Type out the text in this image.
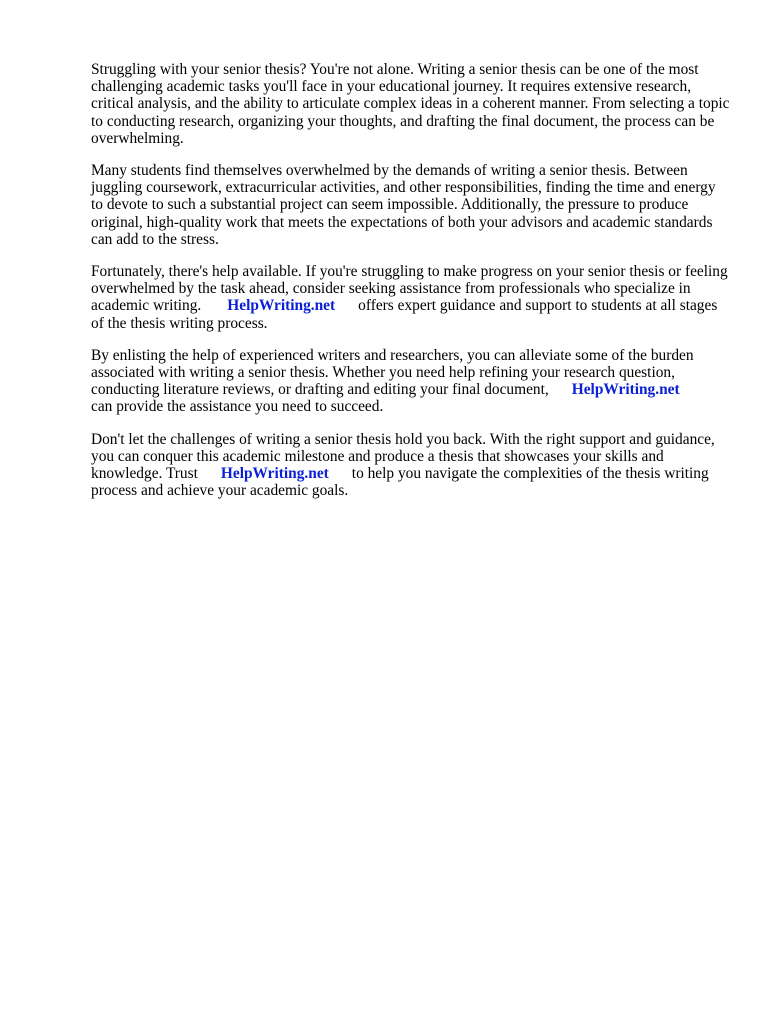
Struggling with your senior thesis? You're not alone. Writing a senior thesis can be one of the most challenging academic tasks you'll face in your educational journey. It requires extensive research, critical analysis, and the ability to articulate complex ideas in a coherent manner. From selecting a topic to conducting research, organizing your thoughts, and drafting the final document, the process can be overwhelming.

Many students find themselves overwhelmed by the demands of writing a senior thesis. Between juggling coursework, extracurricular activities, and other responsibilities, finding the time and energy to devote to such a substantial project can seem impossible. Additionally, the pressure to produce original, high-quality work that meets the expectations of both your advisors and academic standards can add to the stress.

Fortunately, there's help available. If you're struggling to make progress on your senior thesis or feeling overwhelmed by the task ahead, consider seeking assistance from professionals who specialize in academic writing. HelpWriting.net offers expert guidance and support to students at all stages of the thesis writing process.

By enlisting the help of experienced writers and researchers, you can alleviate some of the burden associated with writing a senior thesis. Whether you need help refining your research question, conducting literature reviews, or drafting and editing your final document, HelpWriting.net
can provide the assistance you need to succeed.

Don't let the challenges of writing a senior thesis hold you back. With the right support and guidance, you can conquer this academic milestone and produce a thesis that showcases your skills and knowledge. Trust HelpWriting.net to help you navigate the complexities of the thesis writing process and achieve your academic goals.
